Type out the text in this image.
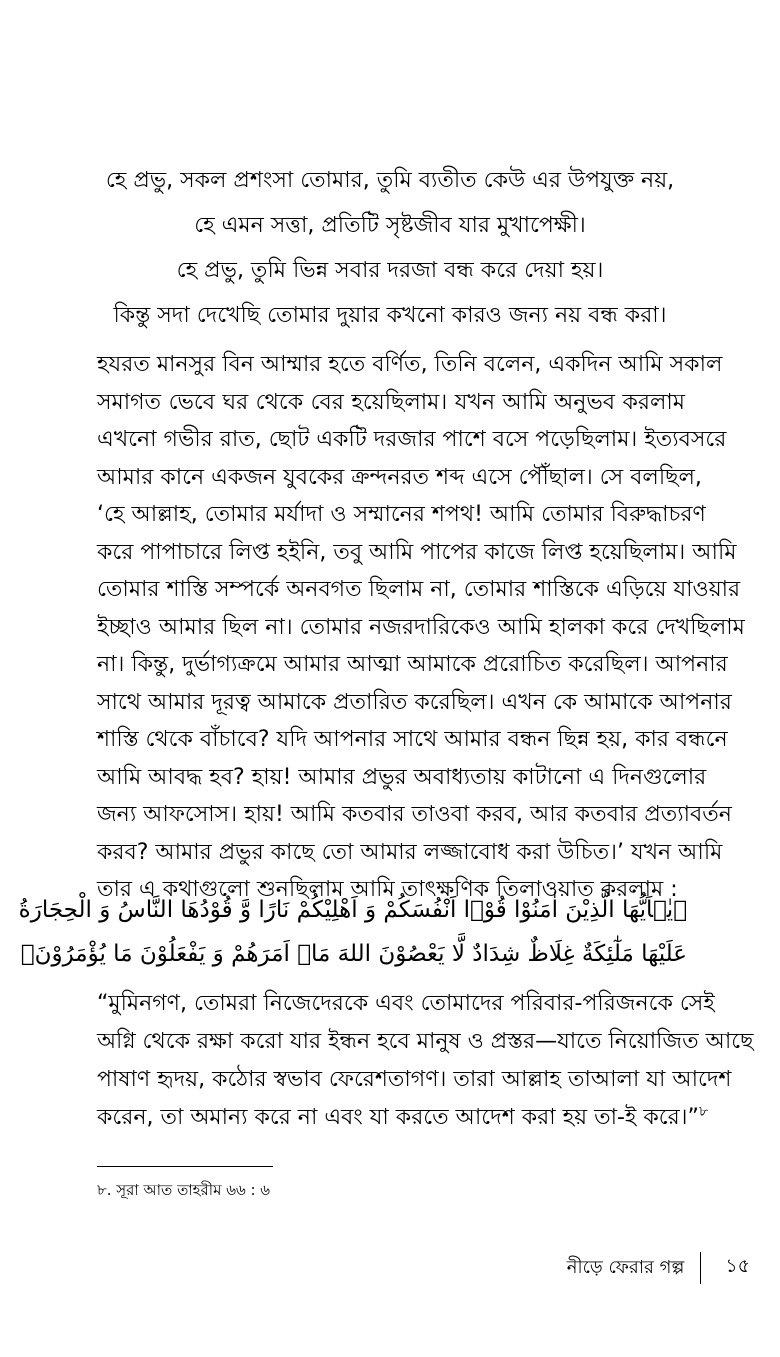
হে প্রভু, সকল প্রশংসা তোমার, তুমি ব্যতীত কেউ এর উপযুক্ত নয়,
হে এমন সত্তা, প্রতিটি সৃষ্টজীব যার মুখাপেক্ষী।
হে প্রভু, তুমি ভিন্ন সবার দরজা বন্ধ করে দেয়া হয়।
কিন্তু সদা দেখেছি তোমার দুয়ার কখনো কারও জন্য নয় বন্ধ করা।
হযরত মানসুর বিন আম্মার হতে বর্ণিত, তিনি বলেন, একদিন আমি সকাল
সমাগত ভেবে ঘর থেকে বের হয়েছিলাম। যখন আমি অনুভব করলাম
এখনো গভীর রাত, ছোট একটি দরজার পাশে বসে পড়েছিলাম। ইত্যবসরে
আমার কানে একজন যুবকের ক্রন্দনরত শব্দ এসে পৌঁছাল। সে বলছিল,
‘হে আল্লাহ, তোমার মর্যাদা ও সম্মানের শপথ! আমি তোমার বিরুদ্ধাচরণ
করে পাপাচারে লিপ্ত হইনি, তবু আমি পাপের কাজে লিপ্ত হয়েছিলাম। আমি
তোমার শাস্তি সম্পর্কে অনবগত ছিলাম না, তোমার শাস্তিকে এড়িয়ে যাওয়ার
ইচ্ছাও আমার ছিল না। তোমার নজরদারিকেও আমি হালকা করে দেখছিলাম
না। কিন্তু, দুর্ভাগ্যক্রমে আমার আত্মা আমাকে প্ররোচিত করেছিল। আপনার
সাথে আমার দূরত্ব আমাকে প্রতারিত করেছিল। এখন কে আমাকে আপনার
শাস্তি থেকে বাঁচাবে? যদি আপনার সাথে আমার বন্ধন ছিন্ন হয়, কার বন্ধনে
আমি আবদ্ধ হব? হায়! আমার প্রভুর অবাধ্যতায় কাটানো এ দিনগুলোর
জন্য আফসোস। হায়! আমি কতবার তাওবা করব, আর কতবার প্রত্যাবর্তন
করব? আমার প্রভুর কাছে তো আমার লজ্জাবোধ করা উচিত।’ যখন আমি
তার এ কথাগুলো শুনছিলাম আমি তাৎক্ষণিক তিলাওয়াত করলাম :
﴿يٰۤاَيُّهَا الَّذِيْنَ اٰمَنُوْا قُوْۤا اَنْفُسَكُمْ وَ اَهْلِيْكُمْ نَارًا وَّ قُوْدُهَا النَّاسُ وَ الْحِجَارَةُ
عَلَيْهَا مَلٰٓئِكَةٌ غِلَاظٌ شِدَادٌ لَّا يَعْصُوْنَ اللهَ مَاۤ اَمَرَهُمْ وَ يَفْعَلُوْنَ مَا يُؤْمَرُوْنَ﴾
“মুমিনগণ, তোমরা নিজেদেরকে এবং তোমাদের পরিবার-পরিজনকে সেই
অগ্নি থেকে রক্ষা করো যার ইন্ধন হবে মানুষ ও প্রস্তর—যাতে নিয়োজিত আছে
পাষাণ হৃদয়, কঠোর স্বভাব ফেরেশতাগণ। তারা আল্লাহ তাআলা যা আদেশ
করেন, তা অমান্য করে না এবং যা করতে আদেশ করা হয় তা-ই করে।”$^৮$
৮. সূরা আত তাহরীম ৬৬ : ৬
নীড়ে ফেরার গল্প	১৫
